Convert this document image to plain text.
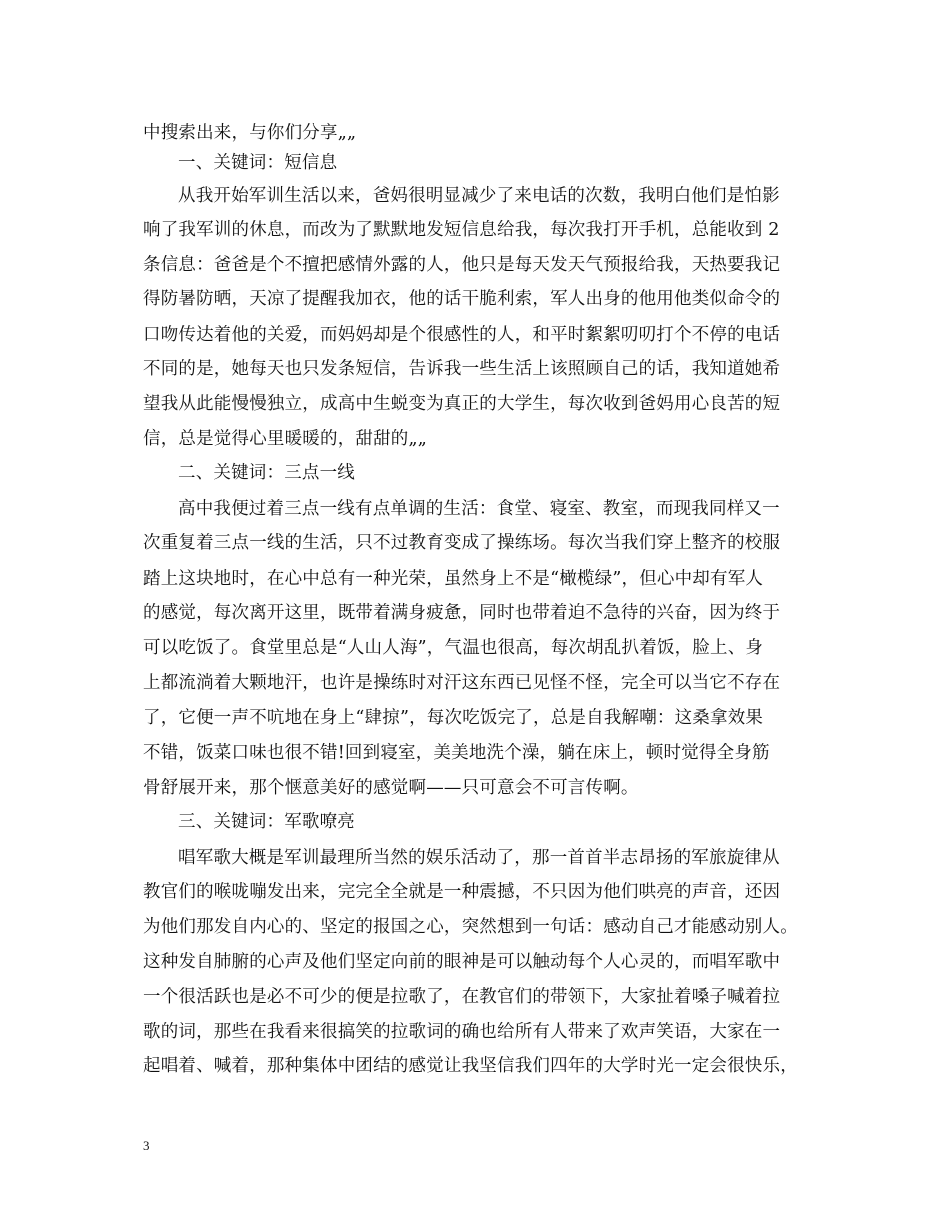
中搜索出来，与你们分享„„
一、关键词：短信息
从我开始军训生活以来，爸妈很明显减少了来电话的次数，我明白他们是怕影
响了我军训的休息，而改为了默默地发短信息给我，每次我打开手机，总能收到 2
条信息：爸爸是个不擅把感情外露的人，他只是每天发天气预报给我，天热要我记
得防暑防晒，天凉了提醒我加衣，他的话干脆利索，军人出身的他用他类似命令的
口吻传达着他的关爱，而妈妈却是个很感性的人，和平时絮絮叨叨打个不停的电话
不同的是，她每天也只发条短信，告诉我一些生活上该照顾自己的话，我知道她希
望我从此能慢慢独立，成高中生蜕变为真正的大学生，每次收到爸妈用心良苦的短
信，总是觉得心里暖暖的，甜甜的„„
二、关键词：三点一线
高中我便过着三点一线有点单调的生活：食堂、寝室、教室，而现我同样又一
次重复着三点一线的生活，只不过教育变成了操练场。每次当我们穿上整齐的校服
踏上这块地时，在心中总有一种光荣，虽然身上不是“橄榄绿”，但心中却有军人
的感觉，每次离开这里，既带着满身疲惫，同时也带着迫不急待的兴奋，因为终于
可以吃饭了。食堂里总是“人山人海”，气温也很高，每次胡乱扒着饭，脸上、身
上都流淌着大颗地汗，也许是操练时对汗这东西已见怪不怪，完全可以当它不存在
了，它便一声不吭地在身上“肆掠”，每次吃饭完了，总是自我解嘲：这桑拿效果
不错，饭菜口味也很不错!回到寝室，美美地洗个澡，躺在床上，顿时觉得全身筋
骨舒展开来，那个惬意美好的感觉啊——只可意会不可言传啊。
三、关键词：军歌嘹亮
唱军歌大概是军训最理所当然的娱乐活动了，那一首首半志昂扬的军旅旋律从
教官们的喉咙嘣发出来，完完全全就是一种震撼，不只因为他们哄亮的声音，还因
为他们那发自内心的、坚定的报国之心，突然想到一句话：感动自己才能感动别人。
这种发自肺腑的心声及他们坚定向前的眼神是可以触动每个人心灵的，而唱军歌中
一个很活跃也是必不可少的便是拉歌了，在教官们的带领下，大家扯着嗓子喊着拉
歌的词，那些在我看来很搞笑的拉歌词的确也给所有人带来了欢声笑语，大家在一
起唱着、喊着，那种集体中团结的感觉让我坚信我们四年的大学时光一定会很快乐，
3
